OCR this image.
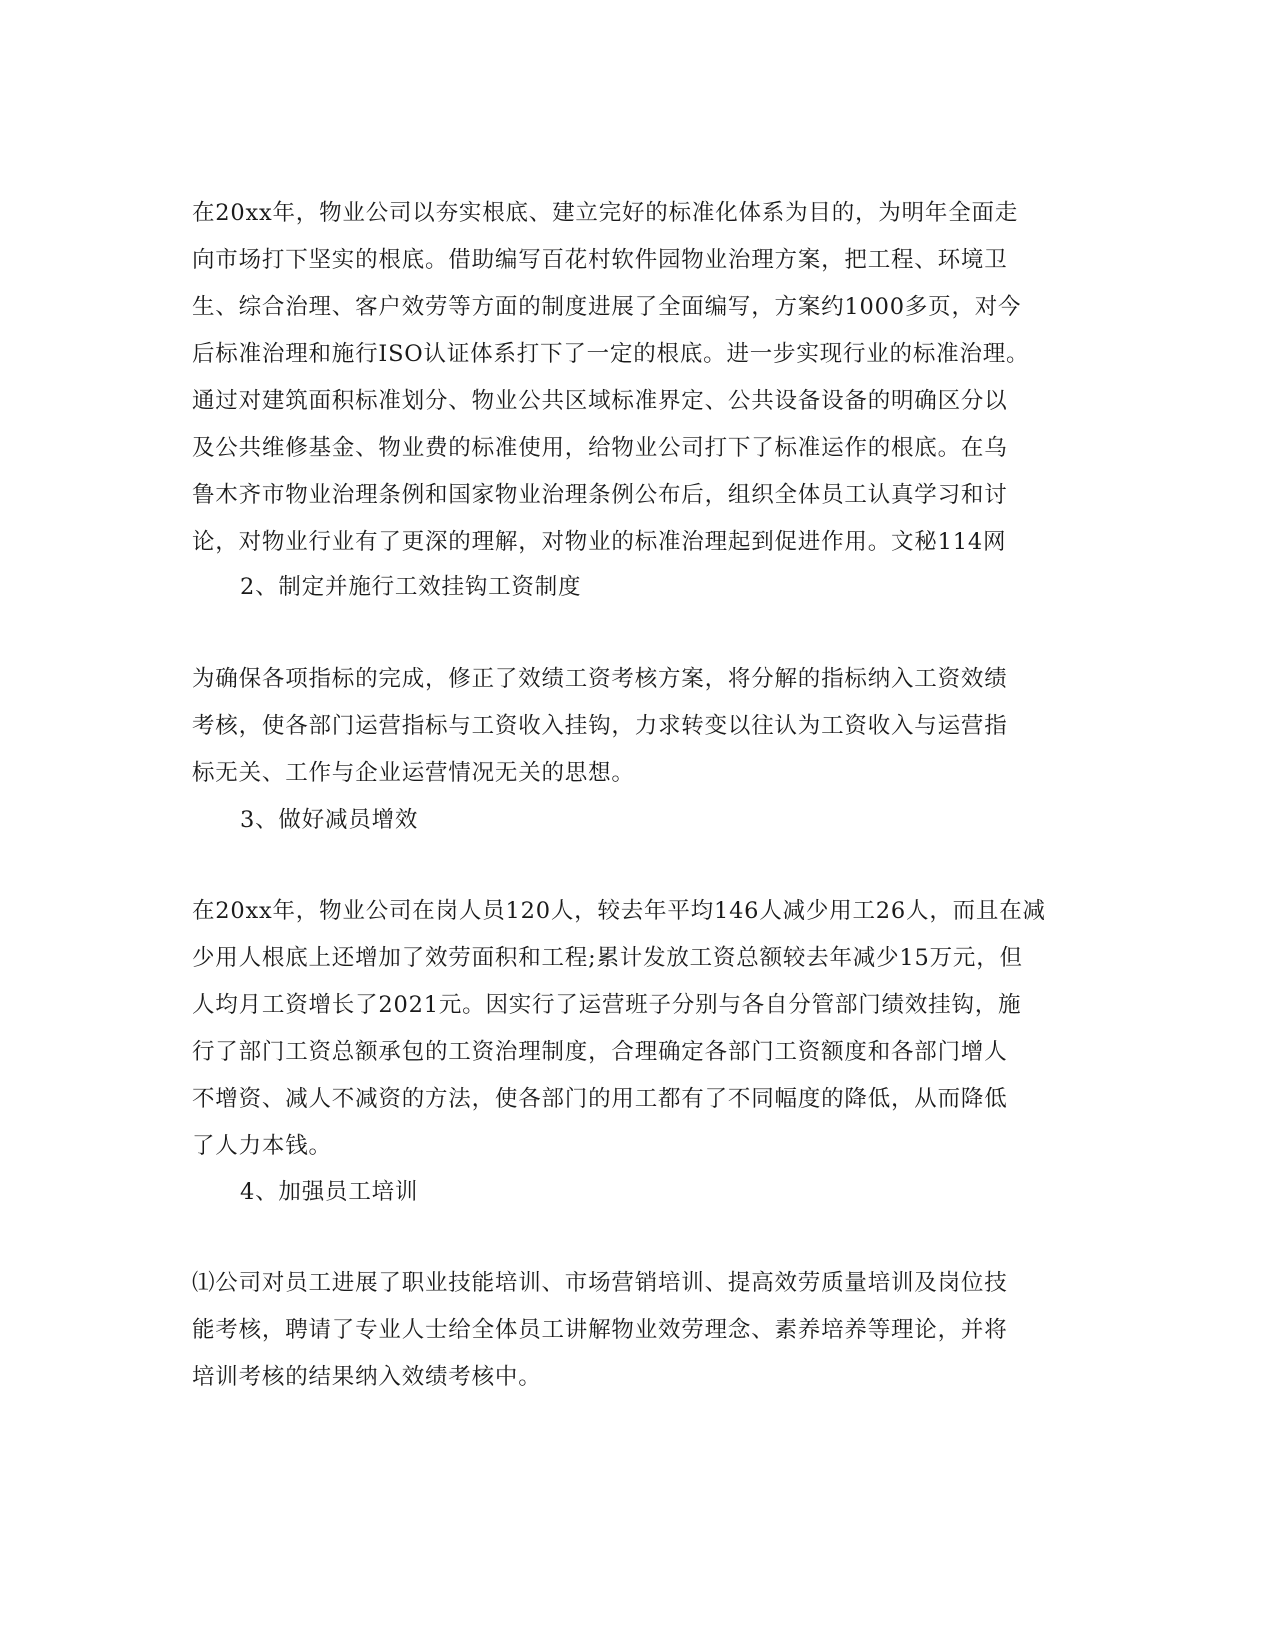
在20xx年，物业公司以夯实根底、建立完好的标准化体系为目的，为明年全面走
向市场打下坚实的根底。借助编写百花村软件园物业治理方案，把工程、环境卫
生、综合治理、客户效劳等方面的制度进展了全面编写，方案约1000多页，对今
后标准治理和施行ISO认证体系打下了一定的根底。进一步实现行业的标准治理。
通过对建筑面积标准划分、物业公共区域标准界定、公共设备设备的明确区分以
及公共维修基金、物业费的标准使用，给物业公司打下了标准运作的根底。在乌
鲁木齐市物业治理条例和国家物业治理条例公布后，组织全体员工认真学习和讨
论，对物业行业有了更深的理解，对物业的标准治理起到促进作用。文秘114网
2、制定并施行工效挂钩工资制度
为确保各项指标的完成，修正了效绩工资考核方案，将分解的指标纳入工资效绩
考核，使各部门运营指标与工资收入挂钩，力求转变以往认为工资收入与运营指
标无关、工作与企业运营情况无关的思想。
3、做好减员增效
在20xx年，物业公司在岗人员120人，较去年平均146人减少用工26人，而且在减
少用人根底上还增加了效劳面积和工程;累计发放工资总额较去年减少15万元，但
人均月工资增长了2021元。因实行了运营班子分别与各自分管部门绩效挂钩，施
行了部门工资总额承包的工资治理制度，合理确定各部门工资额度和各部门增人
不增资、减人不减资的方法，使各部门的用工都有了不同幅度的降低，从而降低
了人力本钱。
4、加强员工培训
⑴公司对员工进展了职业技能培训、市场营销培训、提高效劳质量培训及岗位技
能考核，聘请了专业人士给全体员工讲解物业效劳理念、素养培养等理论，并将
培训考核的结果纳入效绩考核中。
